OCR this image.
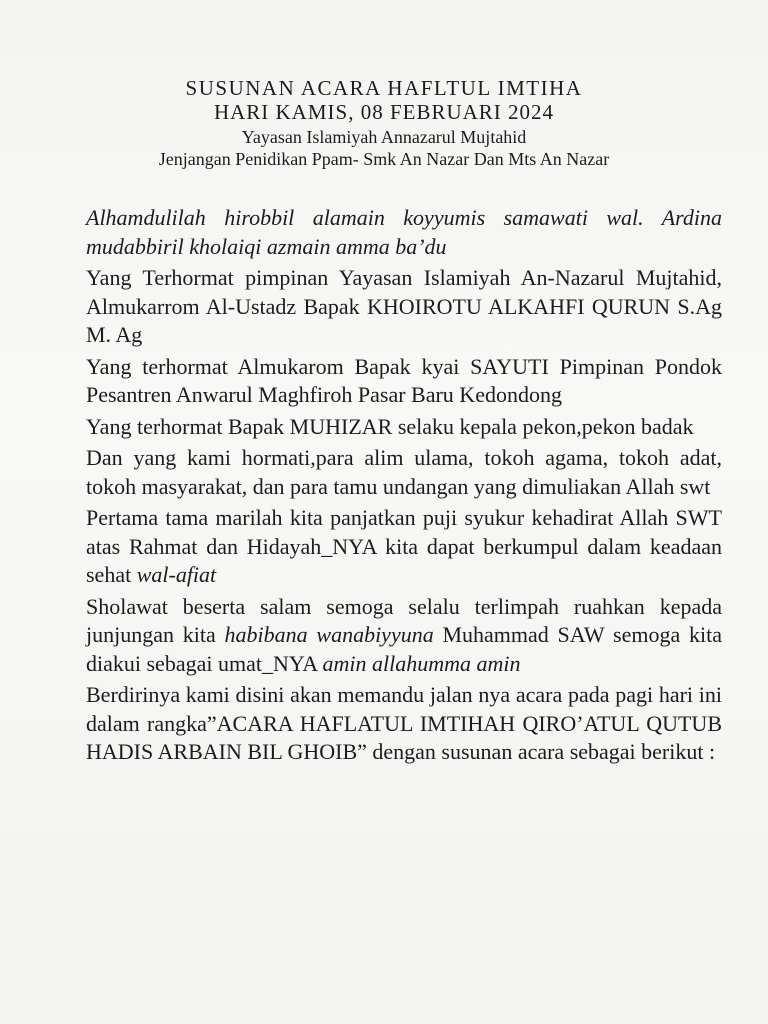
SUSUNAN ACARA HAFLTUL IMTIHA

HARI KAMIS, 08 FEBRUARI 2024

Yayasan Islamiyah Annazarul Mujtahid

Jenjangan Penidikan Ppam- Smk An Nazar Dan Mts An Nazar

Alhamdulilah hirobbil alamain koyyumis samawati wal. Ardina mudabbiril kholaiqi azmain amma ba’du

Yang Terhormat pimpinan Yayasan Islamiyah An-Nazarul Mujtahid, Almukarrom Al-Ustadz Bapak KHOIROTU ALKAHFI QURUN S.Ag M. Ag

Yang terhormat Almukarom Bapak kyai SAYUTI Pimpinan Pondok Pesantren Anwarul Maghfiroh Pasar Baru Kedondong

Yang terhormat Bapak MUHIZAR selaku kepala pekon,pekon badak

Dan yang kami hormati,para alim ulama, tokoh agama, tokoh adat, tokoh masyarakat, dan para tamu undangan yang dimuliakan Allah swt

Pertama tama marilah kita panjatkan puji syukur kehadirat Allah SWT atas Rahmat dan Hidayah_NYA kita dapat berkumpul dalam keadaan sehat wal-afiat

Sholawat beserta salam semoga selalu terlimpah ruahkan kepada junjungan kita habibana wanabiyyuna Muhammad SAW semoga kita diakui sebagai umat_NYA amin allahumma amin

Berdirinya kami disini akan memandu jalan nya acara pada pagi hari ini dalam rangka”ACARA HAFLATUL IMTIHAH QIRO’ATUL QUTUB HADIS ARBAIN BIL GHOIB” dengan susunan acara sebagai berikut :
